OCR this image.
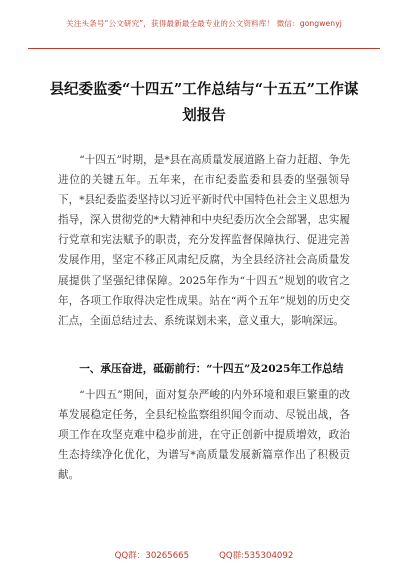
关注头条号“公文研究”，获得最新最全最专业的公文资料库！ 微信：gongwenyj
县纪委监委“十四五”工作总结与“十五五”工作谋划报告
“十四五”时期，是*县在高质量发展道路上奋力赶超、争先进位的关键五年。五年来，在市纪委监委和县委的坚强领导下，*县纪委监委坚持以习近平新时代中国特色社会主义思想为指导，深入贯彻党的*大精神和中央纪委历次全会部署，忠实履行党章和宪法赋予的职责，充分发挥监督保障执行、促进完善发展作用，坚定不移正风肃纪反腐，为全县经济社会高质量发展提供了坚强纪律保障。2025年作为“十四五”规划的收官之年，各项工作取得决定性成果。站在“两个五年”规划的历史交汇点，全面总结过去、系统谋划未来，意义重大，影响深远。
一、承压奋进，砥砺前行：“十四五”及2025年工作总结
“十四五”期间，面对复杂严峻的内外环境和艰巨繁重的改革发展稳定任务，全县纪检监察组织闻令而动、尽锐出战，各项工作在攻坚克难中稳步前进，在守正创新中提质增效，政治生态持续净化优化，为谱写*高质量发展新篇章作出了积极贡献。
QQ群：30265665	QQ群:535304092
